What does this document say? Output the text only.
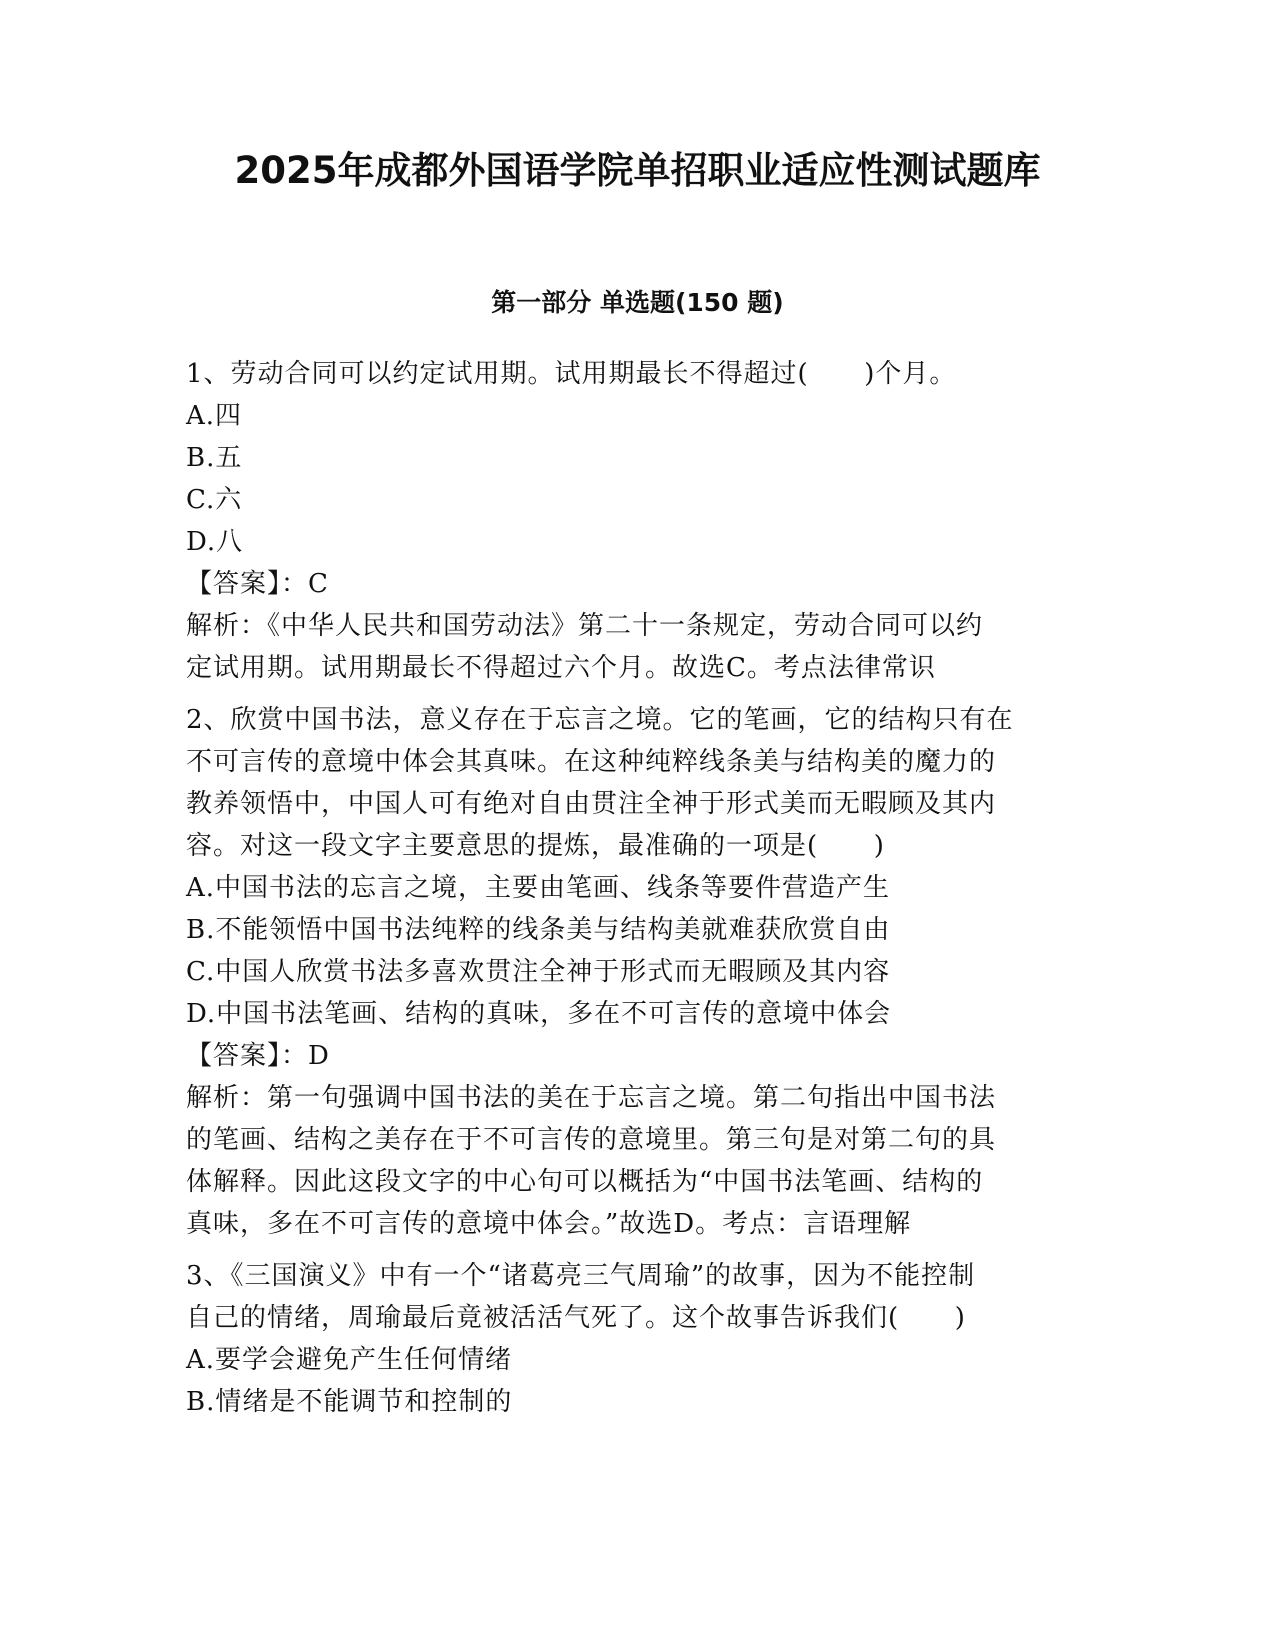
2025年成都外国语学院单招职业适应性测试题库
第一部分 单选题(150 题)
1、劳动合同可以约定试用期。试用期最长不得超过(      )个月。
A.四
B.五
C.六
D.八
【答案】：C
解析：《中华人民共和国劳动法》第二十一条规定，劳动合同可以约
定试用期。试用期最长不得超过六个月。故选C。考点法律常识
2、欣赏中国书法，意义存在于忘言之境。它的笔画，它的结构只有在
不可言传的意境中体会其真味。在这种纯粹线条美与结构美的魔力的
教养领悟中，中国人可有绝对自由贯注全神于形式美而无暇顾及其内
容。对这一段文字主要意思的提炼，最准确的一项是(      )
A.中国书法的忘言之境，主要由笔画、线条等要件营造产生
B.不能领悟中国书法纯粹的线条美与结构美就难获欣赏自由
C.中国人欣赏书法多喜欢贯注全神于形式而无暇顾及其内容
D.中国书法笔画、结构的真味，多在不可言传的意境中体会
【答案】：D
解析：第一句强调中国书法的美在于忘言之境。第二句指出中国书法
的笔画、结构之美存在于不可言传的意境里。第三句是对第二句的具
体解释。因此这段文字的中心句可以概括为“中国书法笔画、结构的
真味，多在不可言传的意境中体会。”故选D。考点：言语理解
3、《三国演义》中有一个“诸葛亮三气周瑜”的故事，因为不能控制
自己的情绪，周瑜最后竟被活活气死了。这个故事告诉我们(      )
A.要学会避免产生任何情绪
B.情绪是不能调节和控制的
